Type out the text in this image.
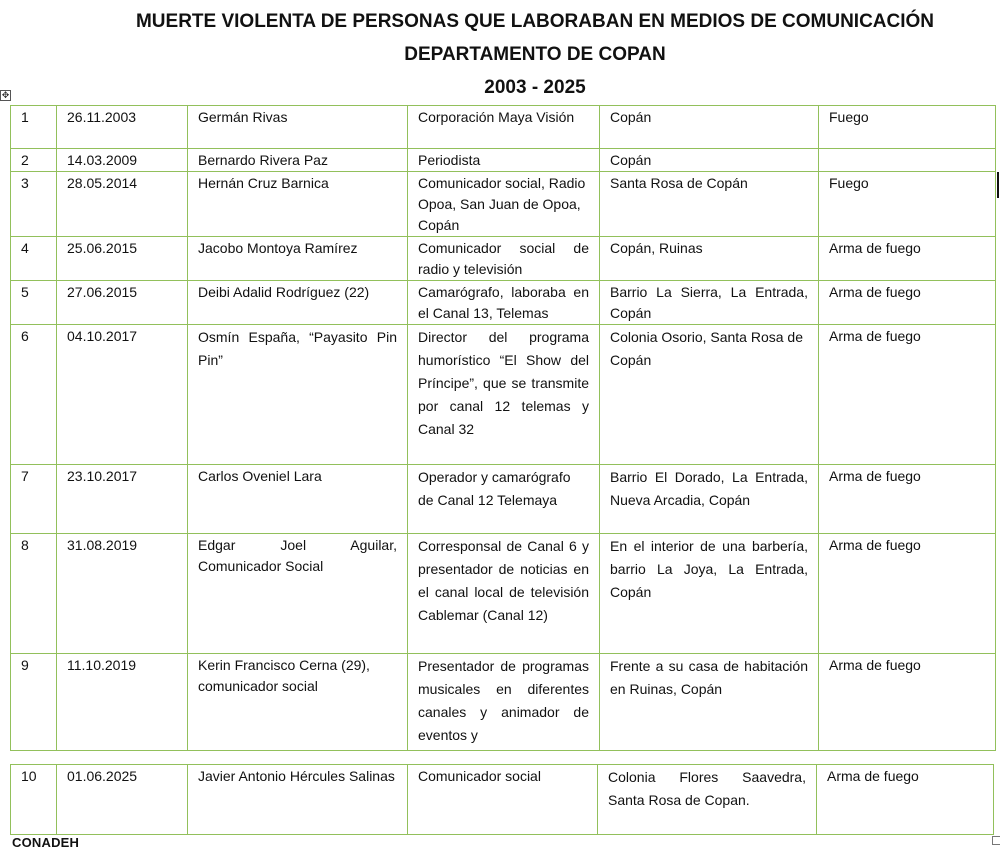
MUERTE VIOLENTA DE PERSONAS QUE LABORABAN EN MEDIOS DE COMUNICACIÓN
DEPARTAMENTO DE COPAN
2003 - 2025
✥
1	26.11.2003	Germán Rivas	Corporación Maya Visión	Copán	Fuego
2	14.03.2009	Bernardo Rivera Paz	Periodista	Copán	
3	28.05.2014	Hernán Cruz Barnica	Comunicador social, Radio Opoa, San Juan de Opoa, Copán	Santa Rosa de Copán	Fuego
4	25.06.2015	Jacobo Montoya Ramírez	Comunicador social de radio y televisión	Copán, Ruinas	Arma de fuego
5	27.06.2015	Deibi Adalid Rodríguez (22)	Camarógrafo, laboraba en el Canal 13, Telemas	Barrio La Sierra, La Entrada, Copán	Arma de fuego
6	04.10.2017	Osmín España, “Payasito Pin Pin”	Director del programa humorístico “El Show del Príncipe”, que se transmite por canal 12 telemas y Canal 32	Colonia Osorio, Santa Rosa de Copán	Arma de fuego
7	23.10.2017	Carlos Oveniel Lara	Operador y camarógrafo de Canal 12 Telemaya	Barrio El Dorado, La Entrada, Nueva Arcadia, Copán	Arma de fuego
8	31.08.2019	Edgar Joel Aguilar, Comunicador Social	Corresponsal de Canal 6 y presentador de noticias en el canal local de televisión Cablemar (Canal 12)	En el interior de una barbería, barrio La Joya, La Entrada, Copán	Arma de fuego
9	11.10.2019	Kerin Francisco Cerna (29), comunicador social	Presentador de programas musicales en diferentes canales y animador de eventos y	Frente a su casa de habitación en Ruinas, Copán	Arma de fuego
10	01.06.2025	Javier Antonio Hércules Salinas	Comunicador social	Colonia Flores Saavedra, Santa Rosa de Copan.	Arma de fuego
CONADEH
